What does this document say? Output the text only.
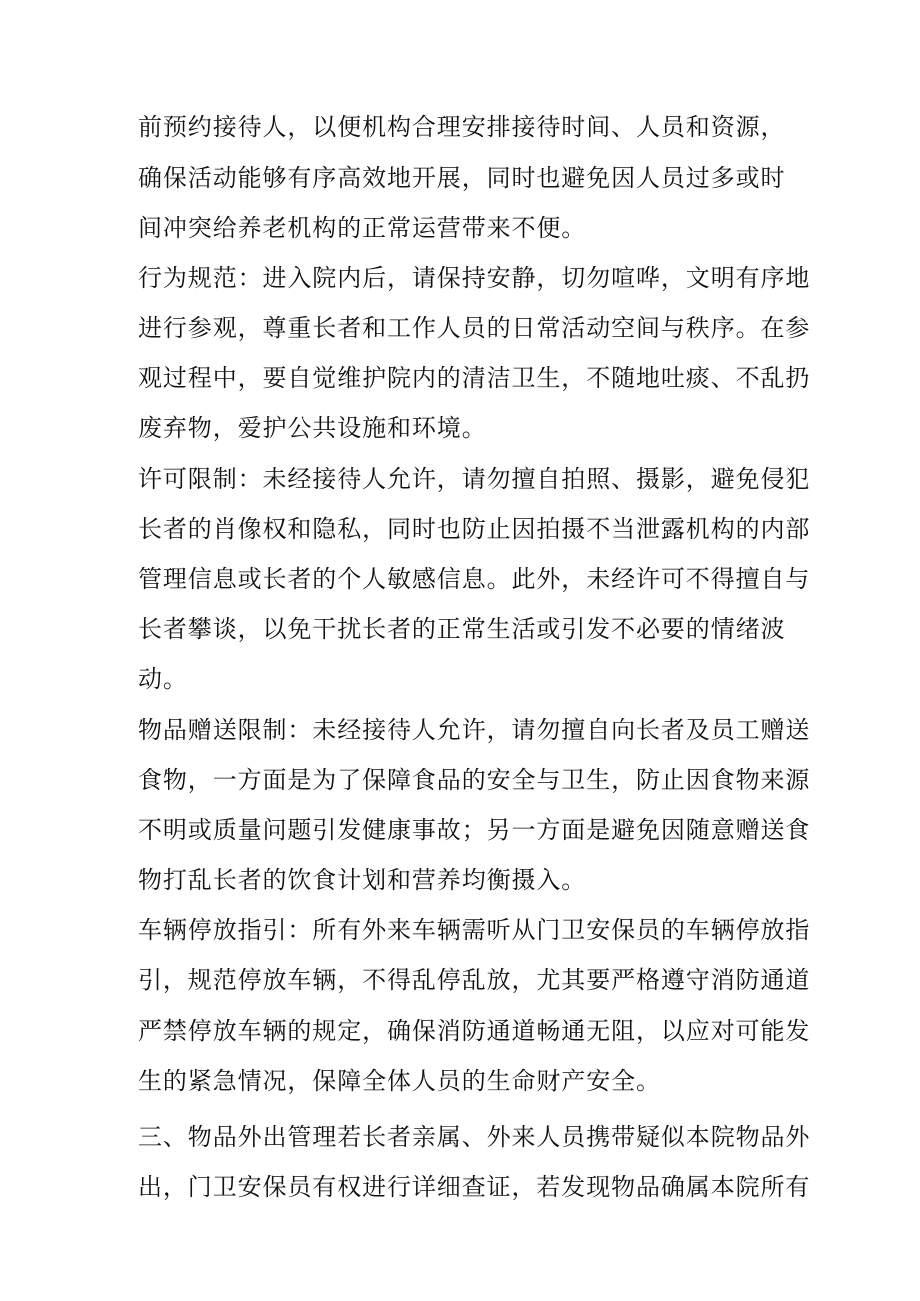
前预约接待人，以便机构合理安排接待时间、人员和资源，
确保活动能够有序高效地开展，同时也避免因人员过多或时
间冲突给养老机构的正常运营带来不便。
行为规范：进入院内后，请保持安静，切勿喧哗，文明有序地
进行参观，尊重长者和工作人员的日常活动空间与秩序。在参
观过程中，要自觉维护院内的清洁卫生，不随地吐痰、不乱扔
废弃物，爱护公共设施和环境。
许可限制：未经接待人允许，请勿擅自拍照、摄影，避免侵犯
长者的肖像权和隐私，同时也防止因拍摄不当泄露机构的内部
管理信息或长者的个人敏感信息。此外，未经许可不得擅自与
长者攀谈，以免干扰长者的正常生活或引发不必要的情绪波
动。
物品赠送限制：未经接待人允许，请勿擅自向长者及员工赠送
食物，一方面是为了保障食品的安全与卫生，防止因食物来源
不明或质量问题引发健康事故；另一方面是避免因随意赠送食
物打乱长者的饮食计划和营养均衡摄入。
车辆停放指引：所有外来车辆需听从门卫安保员的车辆停放指
引，规范停放车辆，不得乱停乱放，尤其要严格遵守消防通道
严禁停放车辆的规定，确保消防通道畅通无阻，以应对可能发
生的紧急情况，保障全体人员的生命财产安全。
三、物品外出管理若长者亲属、外来人员携带疑似本院物品外
出，门卫安保员有权进行详细查证，若发现物品确属本院所有
